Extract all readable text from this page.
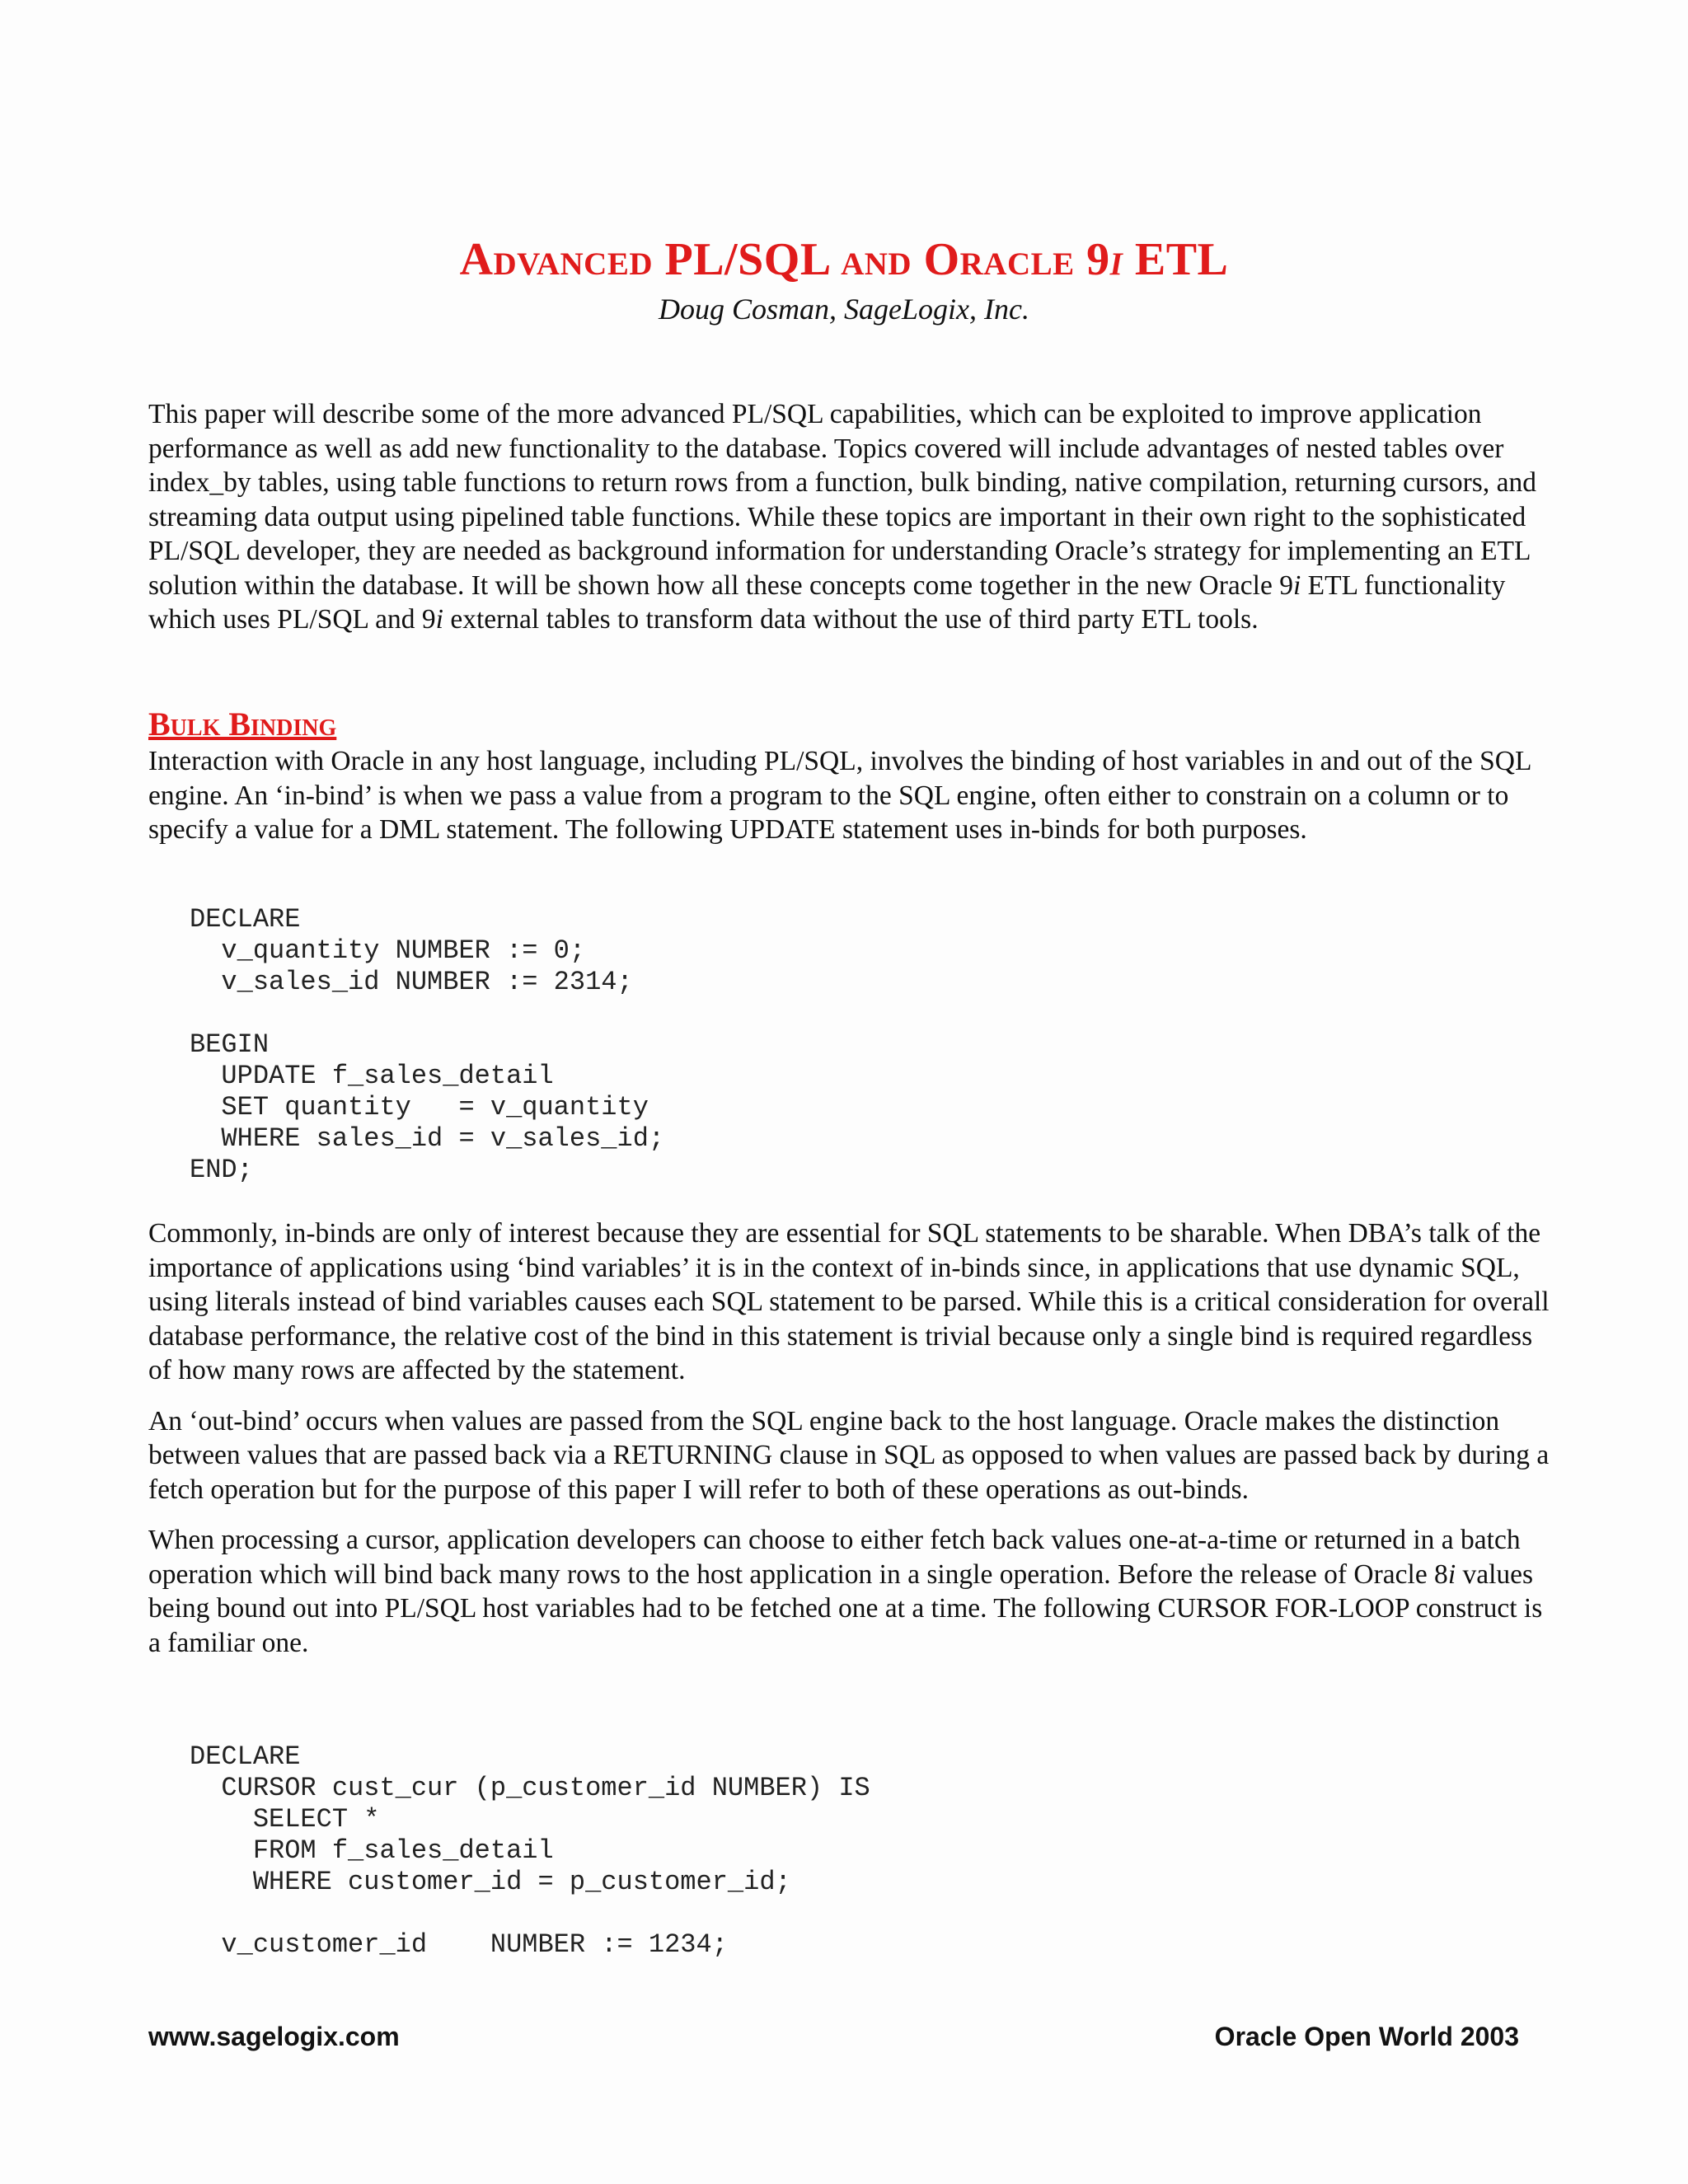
Advanced PL/SQL and Oracle 9i ETL
Doug Cosman, SageLogix, Inc.

This paper will describe some of the more advanced PL/SQL capabilities, which can be exploited to improve application performance as well as add new functionality to the database. Topics covered will include advantages of nested tables over index_by tables, using table functions to return rows from a function, bulk binding, native compilation, returning cursors, and streaming data output using pipelined table functions. While these topics are important in their own right to the sophisticated PL/SQL developer, they are needed as background information for understanding Oracle’s strategy for implementing an ETL solution within the database. It will be shown how all these concepts come together in the new Oracle 9i ETL functionality which uses PL/SQL and 9i external tables to transform data without the use of third party ETL tools.

Bulk Binding

Interaction with Oracle in any host language, including PL/SQL, involves the binding of host variables in and out of the SQL engine. An ‘in-bind’ is when we pass a value from a program to the SQL engine, often either to constrain on a column or to specify a value for a DML statement. The following UPDATE statement uses in-binds for both purposes.

DECLARE
v_quantity NUMBER := 0;
v_sales_id NUMBER := 2314;

BEGIN
UPDATE f_sales_detail
SET quantity   = v_quantity
WHERE sales_id = v_sales_id;
END;

Commonly, in-binds are only of interest because they are essential for SQL statements to be sharable. When DBA’s talk of the importance of applications using ‘bind variables’ it is in the context of in-binds since, in applications that use dynamic SQL, using literals instead of bind variables causes each SQL statement to be parsed. While this is a critical consideration for overall database performance, the relative cost of the bind in this statement is trivial because only a single bind is required regardless of how many rows are affected by the statement.

An ‘out-bind’ occurs when values are passed from the SQL engine back to the host language. Oracle makes the distinction between values that are passed back via a RETURNING clause in SQL as opposed to when values are passed back by during a fetch operation but for the purpose of this paper I will refer to both of these operations as out-binds.

When processing a cursor, application developers can choose to either fetch back values one-at-a-time or returned in a batch operation which will bind back many rows to the host application in a single operation. Before the release of Oracle 8i values being bound out into PL/SQL host variables had to be fetched one at a time. The following CURSOR FOR-LOOP construct is a familiar one.

DECLARE
CURSOR cust_cur (p_customer_id NUMBER) IS
SELECT *
FROM f_sales_detail
WHERE customer_id = p_customer_id;

v_customer_id    NUMBER := 1234;
www.sagelogix.com	Oracle Open World 2003
